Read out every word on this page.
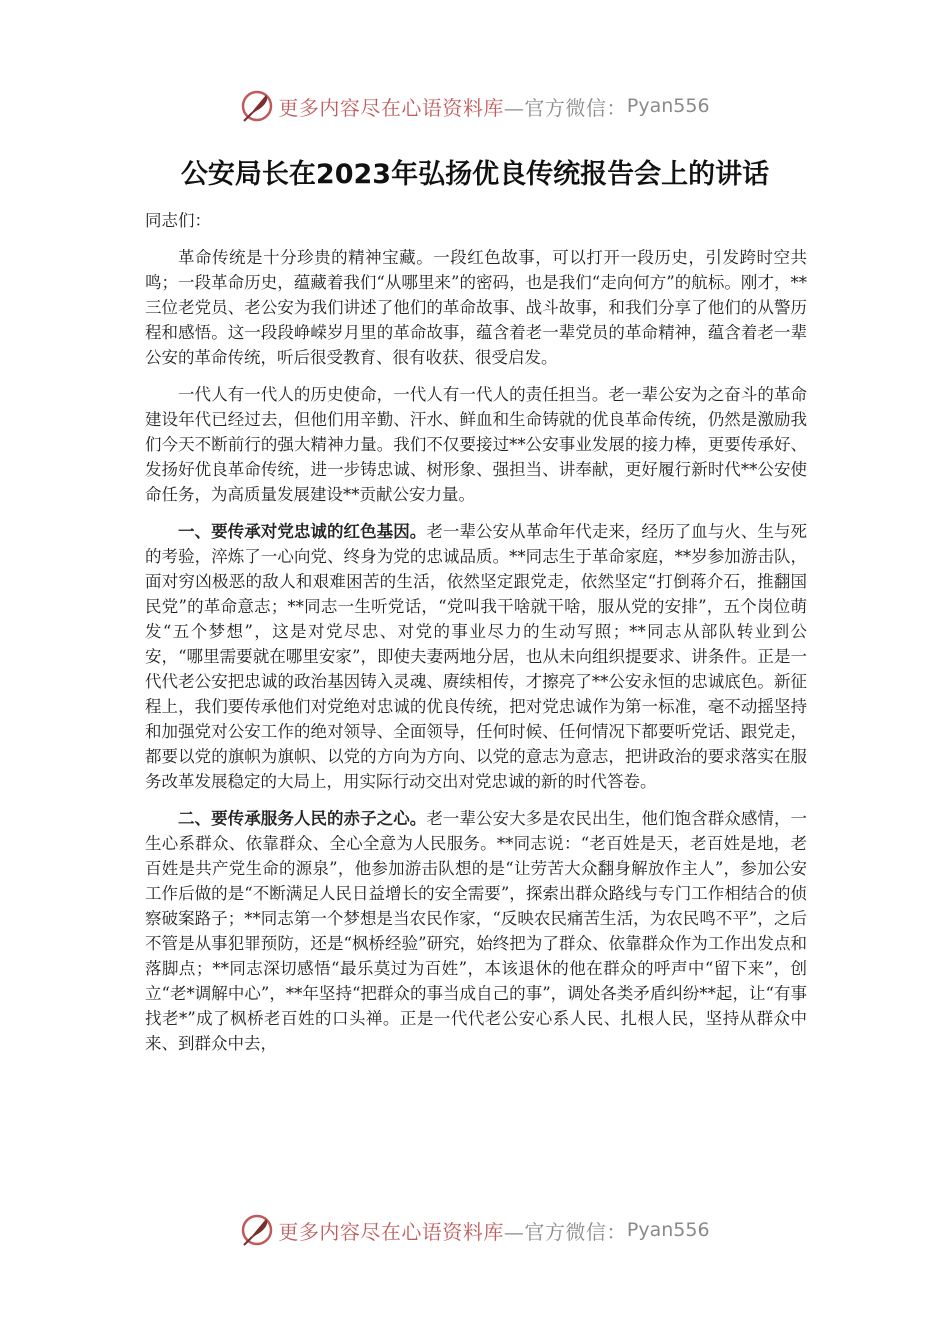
更多内容尽在心语资料库 —官方微信： Pyan556
公安局长在2023年弘扬优良传统报告会上的讲话

同志们：

革命传统是十分珍贵的精神宝藏。一段红色故事，可以打开一段历史，引发跨时空共鸣；一段革命历史，蕴藏着我们“从哪里来”的密码，也是我们“走向何方”的航标。刚才，**三位老党员、老公安为我们讲述了他们的革命故事、战斗故事，和我们分享了他们的从警历程和感悟。这一段段峥嵘岁月里的革命故事，蕴含着老一辈党员的革命精神，蕴含着老一辈公安的革命传统，听后很受教育、很有收获、很受启发。

一代人有一代人的历史使命，一代人有一代人的责任担当。老一辈公安为之奋斗的革命建设年代已经过去，但他们用辛勤、汗水、鲜血和生命铸就的优良革命传统，仍然是激励我们今天不断前行的强大精神力量。我们不仅要接过**公安事业发展的接力棒，更要传承好、发扬好优良革命传统，进一步铸忠诚、树形象、强担当、讲奉献，更好履行新时代**公安使命任务，为高质量发展建设**贡献公安力量。

一、要传承对党忠诚的红色基因。老一辈公安从革命年代走来，经历了血与火、生与死的考验，淬炼了一心向党、终身为党的忠诚品质。**同志生于革命家庭，**岁参加游击队，面对穷凶极恶的敌人和艰难困苦的生活，依然坚定跟党走，依然坚定“打倒蒋介石，推翻国民党”的革命意志；**同志一生听党话，“党叫我干啥就干啥，服从党的安排”，五个岗位萌发“五个梦想”，这是对党尽忠、对党的事业尽力的生动写照；**同志从部队转业到公安，“哪里需要就在哪里安家”，即使夫妻两地分居，也从未向组织提要求、讲条件。正是一代代老公安把忠诚的政治基因铸入灵魂、赓续相传，才擦亮了**公安永恒的忠诚底色。新征程上，我们要传承他们对党绝对忠诚的优良传统，把对党忠诚作为第一标准，毫不动摇坚持和加强党对公安工作的绝对领导、全面领导，任何时候、任何情况下都要听党话、跟党走，都要以党的旗帜为旗帜、以党的方向为方向、以党的意志为意志，把讲政治的要求落实在服务改革发展稳定的大局上，用实际行动交出对党忠诚的新的时代答卷。

二、要传承服务人民的赤子之心。老一辈公安大多是农民出生，他们饱含群众感情，一生心系群众、依靠群众、全心全意为人民服务。**同志说：“老百姓是天，老百姓是地，老百姓是共产党生命的源泉”，他参加游击队想的是“让劳苦大众翻身解放作主人”，参加公安工作后做的是“不断满足人民日益增长的安全需要”，探索出群众路线与专门工作相结合的侦察破案路子；**同志第一个梦想是当农民作家，“反映农民痛苦生活，为农民鸣不平”，之后不管是从事犯罪预防，还是“枫桥经验”研究，始终把为了群众、依靠群众作为工作出发点和落脚点；**同志深切感悟“最乐莫过为百姓”，本该退休的他在群众的呼声中“留下来”，创立“老*调解中心”，**年坚持“把群众的事当成自己的事”，调处各类矛盾纠纷**起，让“有事找老*”成了枫桥老百姓的口头禅。正是一代代老公安心系人民、扎根人民，坚持从群众中来、到群众中去，

更多内容尽在心语资料库 —官方微信： Pyan556
